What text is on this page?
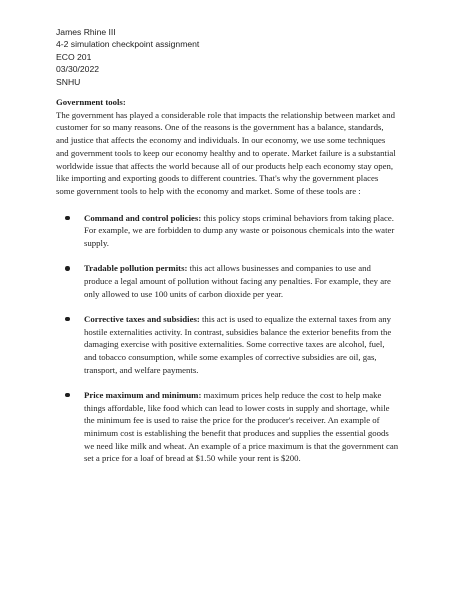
James Rhine III
4-2 simulation checkpoint assignment
ECO 201
03/30/2022
SNHU

Government tools:

The government has played a considerable role that impacts the relationship between market and
customer for so many reasons. One of the reasons is the government has a balance, standards,
and justice that affects the economy and individuals. In our economy, we use some techniques
and government tools to keep our economy healthy and to operate. Market failure is a substantial
worldwide issue that affects the world because all of our products help each economy stay open,
like importing and exporting goods to different countries. That's why the government places
some government tools to help with the economy and market. Some of these tools are :

Command and control policies: this policy stops criminal behaviors from taking place.
For example, we are forbidden to dump any waste or poisonous chemicals into the water
supply.
Tradable pollution permits: this act allows businesses and companies to use and
produce a legal amount of pollution without facing any penalties. For example, they are
only allowed to use 100 units of carbon dioxide per year.
Corrective taxes and subsidies: this act is used to equalize the external taxes from any
hostile externalities activity. In contrast, subsidies balance the exterior benefits from the
damaging exercise with positive externalities. Some corrective taxes are alcohol, fuel,
and tobacco consumption, while some examples of corrective subsidies are oil, gas,
transport, and welfare payments.
Price maximum and minimum: maximum prices help reduce the cost to help make
things affordable, like food which can lead to lower costs in supply and shortage, while
the minimum fee is used to raise the price for the producer's receiver. An example of
minimum cost is establishing the benefit that produces and supplies the essential goods
we need like milk and wheat. An example of a price maximum is that the government can
set a price for a loaf of bread at $1.50 while your rent is $200.
